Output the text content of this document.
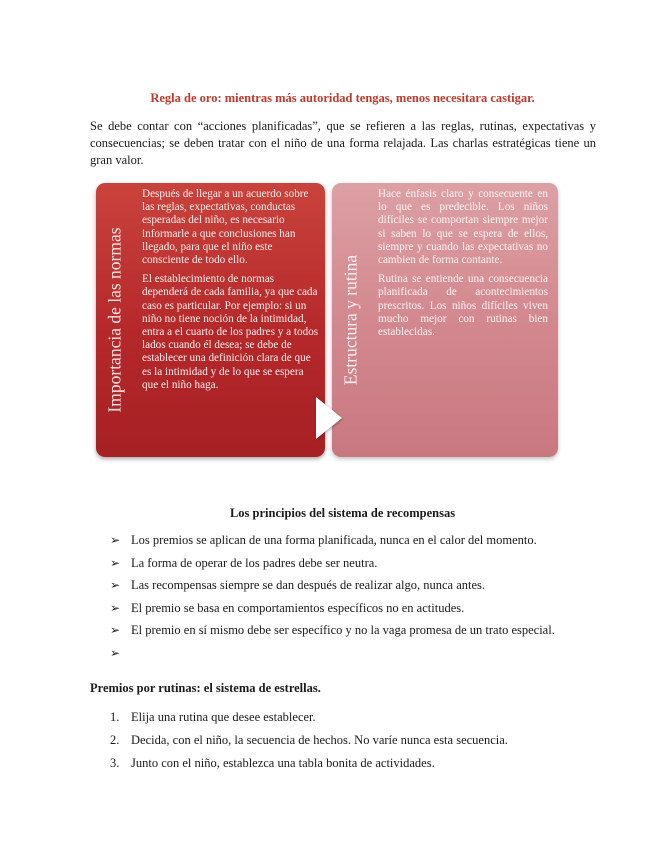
Regla de oro: mientras más autoridad tengas, menos necesitara castigar.
Se debe contar con “acciones planificadas”, que se refieren a las reglas, rutinas, expectativas y consecuencias; se deben tratar con el niño de una forma relajada. Las charlas estratégicas tiene un gran valor.
Importancia de las normas

Después de llegar a un acuerdo sobre las reglas, expectativas, conductas esperadas del niño, es necesario informarle a que conclusiones han llegado, para que el niño este consciente de todo ello.

El establecimiento de normas dependerá de cada familia, ya que cada caso es particular. Por ejemplo: si un niño no tiene noción de la intimidad, entra a el cuarto de los padres y a todos lados cuando él desea; se debe de establecer una definición clara de que es la intimidad y de lo que se espera que el niño haga.	Estructura y rutina

Hace énfasis claro y consecuente en lo que es predecible. Los niños difíciles se comportan siempre mejor si saben lo que se espera de ellos, siempre y cuando las expectativas no cambien de forma contante.

Rutina se entiende una consecuencia planificada de acontecimientos prescritos. Los niños difíciles viven mucho mejor con rutinas bien establecidas.

Los principios del sistema de recompensas
➢ Los premios se aplican de una forma planificada, nunca en el calor del momento.
➢ La forma de operar de los padres debe ser neutra.
➢ Las recompensas siempre se dan después de realizar algo, nunca antes.
➢ El premio se basa en comportamientos específicos no en actitudes.
➢ El premio en sí mismo debe ser específico y no la vaga promesa de un trato especial.
➢
Premios por rutinas: el sistema de estrellas.
1. Elija una rutina que desee establecer.
2. Decida, con el niño, la secuencia de hechos. No varíe nunca esta secuencia.
3. Junto con el niño, establezca una tabla bonita de actividades.
